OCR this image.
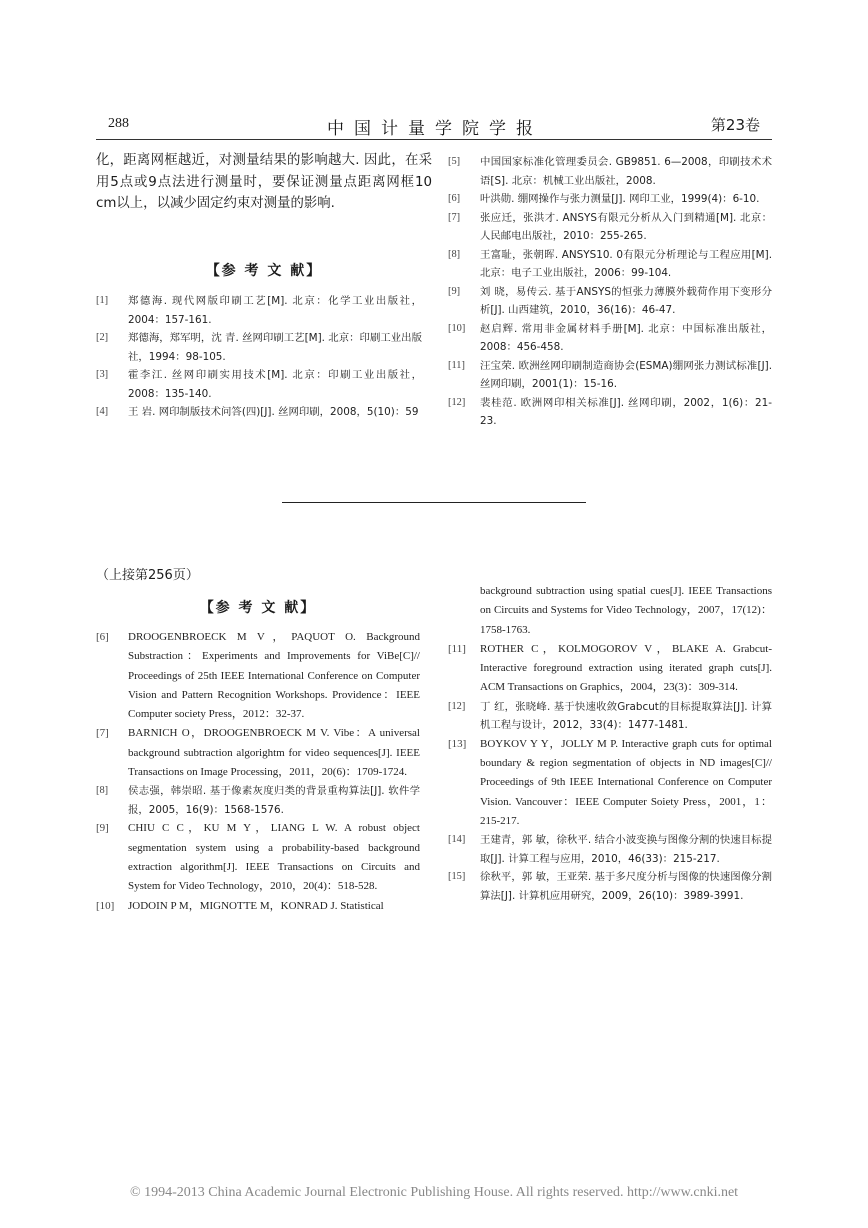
288	中国计量学院学报	第23卷
化，距离网框越近，对测量结果的影响越大. 因此，在采用5点或9点法进行测量时，要保证测量点距离网框10 cm以上，以减少固定约束对测量的影响.
【参 考 文 献】
[1]	郑德海. 现代网版印刷工艺[M]. 北京：化学工业出版社，2004：157-161.
[2]	郑德海，郑军明，沈 青. 丝网印刷工艺[M]. 北京：印刷工业出版社，1994：98-105.
[3]	霍李江. 丝网印刷实用技术[M]. 北京：印刷工业出版社，2008：135-140.
[4]	王 岩. 网印制版技术问答(四)[J]. 丝网印刷，2008，5(10)：59
[5]	中国国家标准化管理委员会. GB9851. 6—2008，印刷技术术语[S]. 北京：机械工业出版社，2008.
[6]	叶洪勋. 绷网操作与张力测量[J]. 网印工业，1999(4)：6-10.
[7]	张应迁，张洪才. ANSYS有限元分析从入门到精通[M]. 北京：人民邮电出版社，2010：255-265.
[8]	王富耻，张朝晖. ANSYS10. 0有限元分析理论与工程应用[M]. 北京：电子工业出版社，2006：99-104.
[9]	刘 晓，易传云. 基于ANSYS的恒张力薄膜外载荷作用下变形分析[J]. 山西建筑，2010，36(16)：46-47.
[10]	赵启辉. 常用非金属材料手册[M]. 北京：中国标准出版社，2008：456-458.
[11]	汪宝荣. 欧洲丝网印刷制造商协会(ESMA)绷网张力测试标准[J]. 丝网印刷，2001(1)：15-16.
[12]	裴桂范. 欧洲网印相关标准[J]. 丝网印刷，2002，1(6)：21-23.
（上接第256页）
【参 考 文 献】
[6]	DROOGENBROECK M V，PAQUOT O. Background Substraction：Experiments and Improvements for ViBe[C]// Proceedings of 25th IEEE International Conference on Computer Vision and Pattern Recognition Workshops. Providence：IEEE Computer society Press，2012：32-37.
[7]	BARNICH O，DROOGENBROECK M V. Vibe：A universal background subtraction algorightm for video sequences[J]. IEEE Transactions on Image Processing，2011，20(6)：1709-1724.
[8]	侯志强，韩崇昭. 基于像素灰度归类的背景重构算法[J]. 软件学报，2005，16(9)：1568-1576.
[9]	CHIU C C，KU M Y，LIANG L W. A robust object segmentation system using a probability-based background extraction algorithm[J]. IEEE Transactions on Circuits and System for Video Technology，2010，20(4)：518-528.
[10]	JODOIN P M，MIGNOTTE M，KONRAD J. Statistical
background subtraction using spatial cues[J]. IEEE Transactions on Circuits and Systems for Video Technology，2007，17(12)：1758-1763.
[11]	ROTHER C，KOLMOGOROV V，BLAKE A. Grabcut-Interactive foreground extraction using iterated graph cuts[J]. ACM Transactions on Graphics，2004，23(3)：309-314.
[12]	丁 红，张晓峰. 基于快速收敛Grabcut的目标提取算法[J]. 计算机工程与设计，2012，33(4)：1477-1481.
[13]	BOYKOV Y Y，JOLLY M P. Interactive graph cuts for optimal boundary & region segmentation of objects in ND images[C]// Proceedings of 9th IEEE International Conference on Computer Vision. Vancouver：IEEE Computer Soiety Press，2001，1：215-217.
[14]	王建青，郭 敏，徐秋平. 结合小波变换与图像分割的快速目标提取[J]. 计算工程与应用，2010，46(33)：215-217.
[15]	徐秋平，郭 敏，王亚荣. 基于多尺度分析与图像的快速图像分割算法[J]. 计算机应用研究，2009，26(10)：3989-3991.
© 1994-2013 China Academic Journal Electronic Publishing House. All rights reserved. http://www.cnki.net
